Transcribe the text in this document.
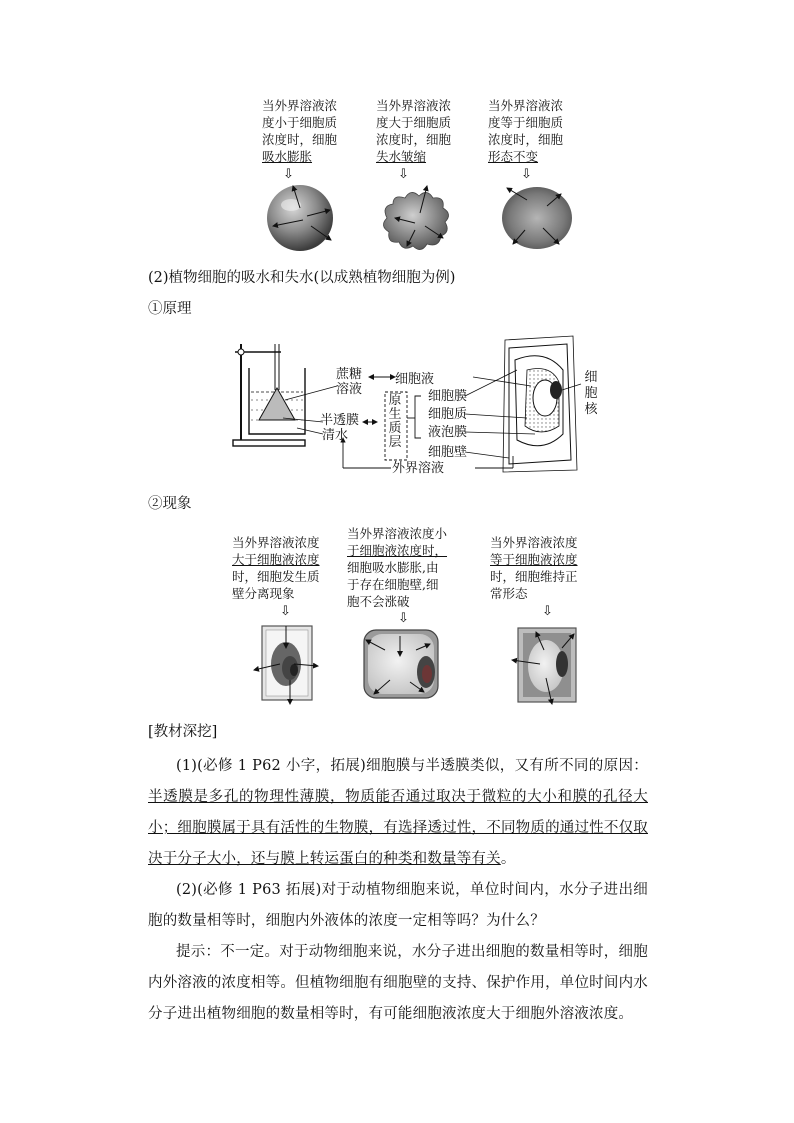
当外界溶液浓
度小于细胞质
浓度时，细胞
吸水膨胀
当外界溶液浓
度大于细胞质
浓度时，细胞
失水皱缩
当外界溶液浓
度等于细胞质
浓度时，细胞
形态不变
⇩	⇩	⇩
(2)植物细胞的吸水和失水(以成熟植物细胞为例)
①原理
蔗糖
溶液
半透膜
清水
细胞液
原
生
质
层
细胞膜
细胞质
液泡膜
细胞壁
外界溶液
细
胞
核
②现象
当外界溶液浓度
大于细胞液浓度
时，细胞发生质
壁分离现象
当外界溶液浓度小
于细胞液浓度时，
细胞吸水膨胀,由
于存在细胞壁,细
胞不会涨破
当外界溶液浓度
等于细胞液浓度
时，细胞维持正
常形态
⇩	⇩	⇩
[教材深挖]
(1)(必修 1 P62 小字，拓展)细胞膜与半透膜类似，又有所不同的原因：半透膜是多孔的物理性薄膜，物质能否通过取决于微粒的大小和膜的孔径大小；细胞膜属于具有活性的生物膜，有选择透过性，不同物质的通过性不仅取决于分子大小，还与膜上转运蛋白的种类和数量等有关。
(2)(必修 1 P63 拓展)对于动植物细胞来说，单位时间内，水分子进出细胞的数量相等时，细胞内外液体的浓度一定相等吗？为什么？
提示：不一定。对于动物细胞来说，水分子进出细胞的数量相等时，细胞内外溶液的浓度相等。但植物细胞有细胞壁的支持、保护作用，单位时间内水分子进出植物细胞的数量相等时，有可能细胞液浓度大于细胞外溶液浓度。
